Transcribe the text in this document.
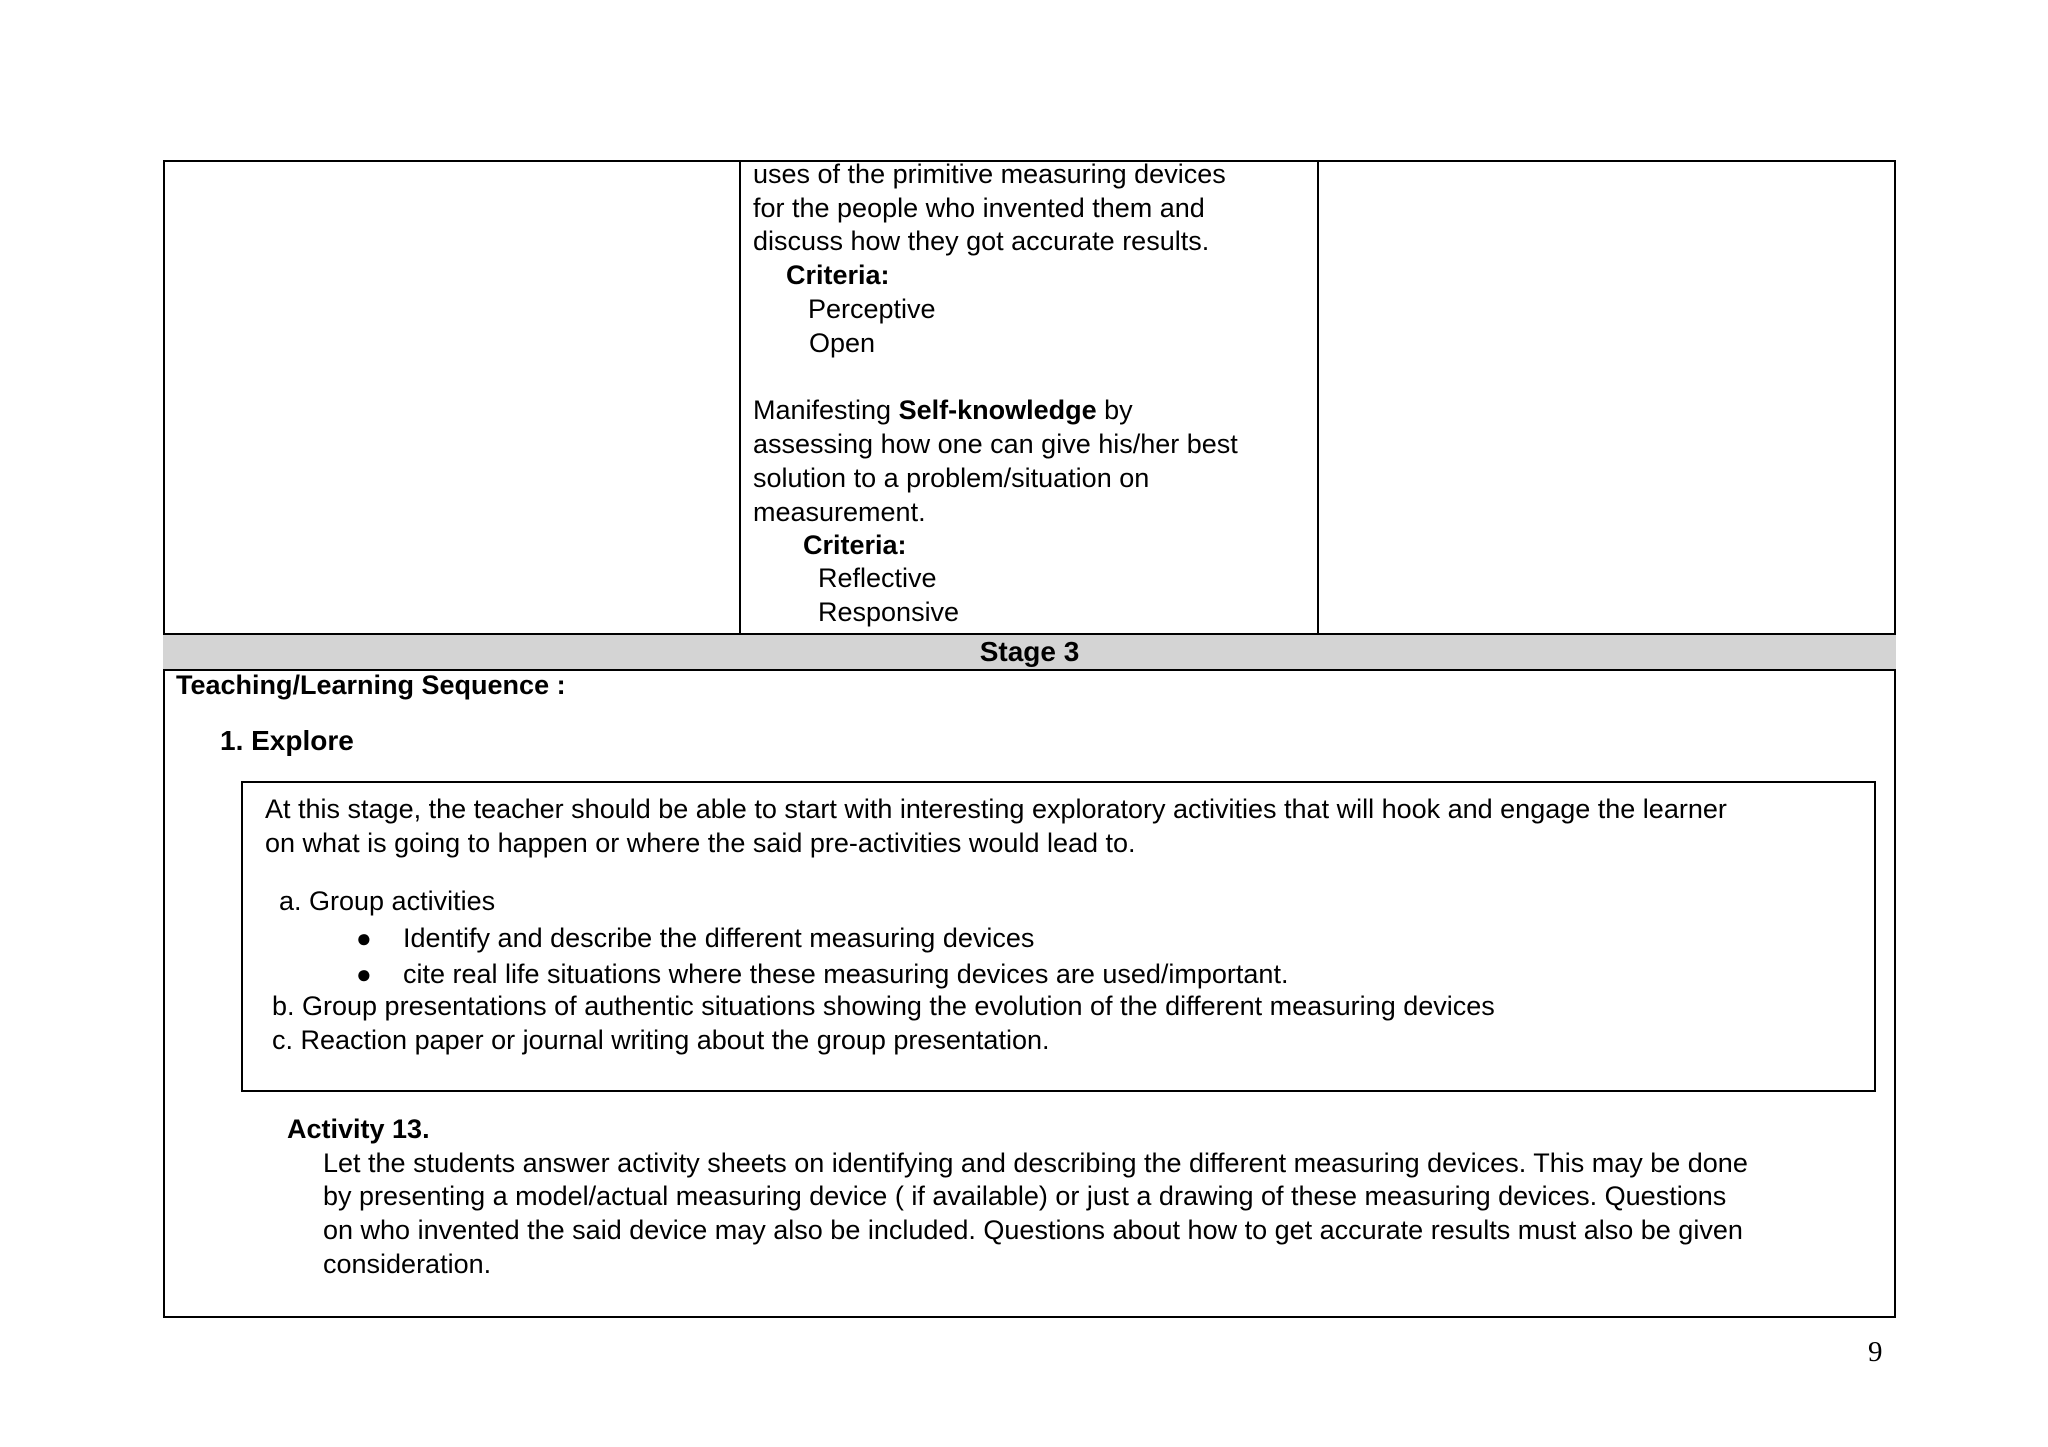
uses of the primitive measuring devices
for the people who invented them and
discuss how they got accurate results.
Criteria:
Perceptive
Open
Manifesting Self-knowledge by
assessing how one can give his/her best
solution to a problem/situation on
measurement.
Criteria:
Reflective
Responsive
Stage 3
Teaching/Learning Sequence :
1. Explore
At this stage, the teacher should be able to start with interesting exploratory activities that will hook and engage the learner
on what is going to happen or where the said pre-activities would lead to.
a. Group activities
● Identify and describe the different measuring devices
● cite real life situations where these measuring devices are used/important.
b. Group presentations of authentic situations showing the evolution of the different measuring devices
c. Reaction paper or journal writing about the group presentation.
Activity 13.
Let the students answer activity sheets on identifying and describing the different measuring devices. This may be done
by presenting a model/actual measuring device ( if available) or just a drawing of these measuring devices. Questions
on who invented the said device may also be included. Questions about how to get accurate results must also be given
consideration.
9
